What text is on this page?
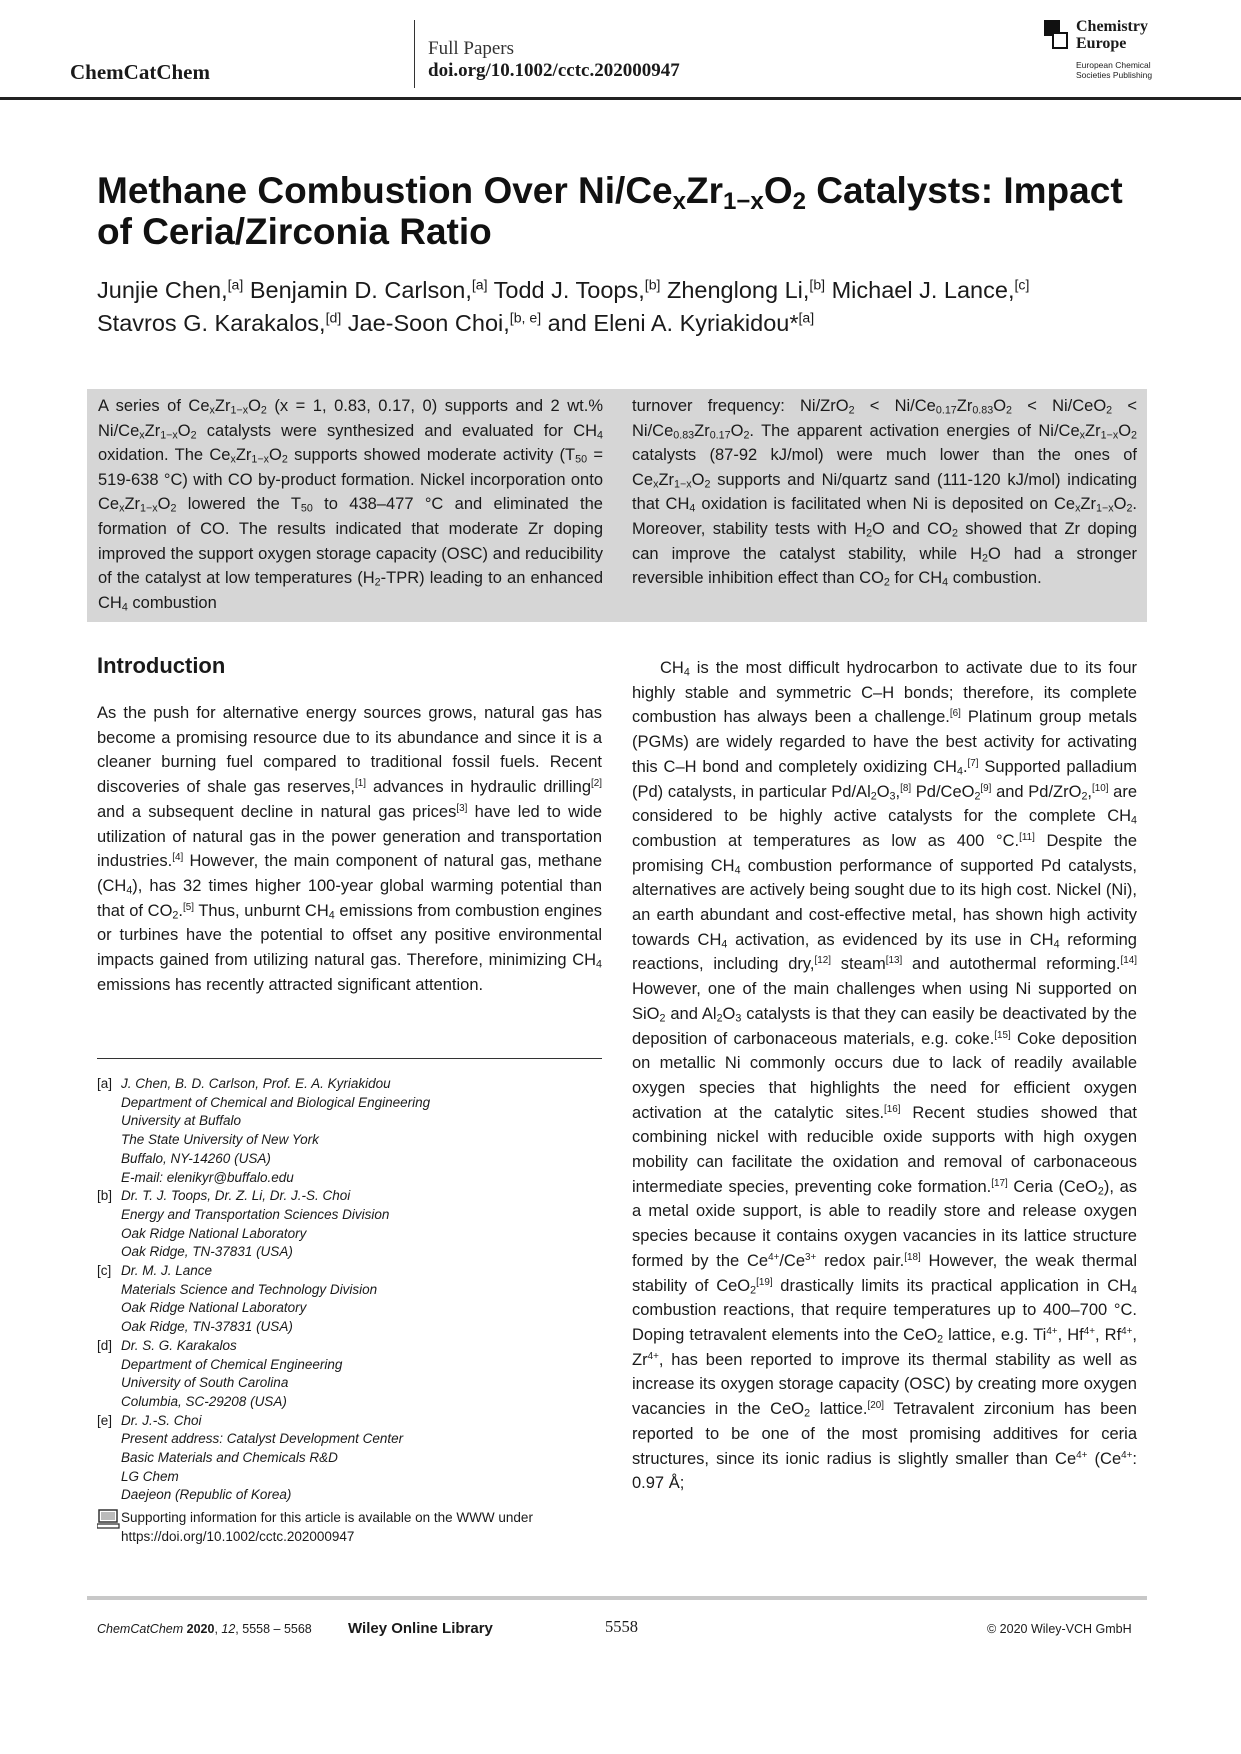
ChemCatChem
Full Papers
doi.org/10.1002/cctc.202000947
Chemistry
Europe
European Chemical
Societies Publishing
Methane Combustion Over $Ni/Ce_xZr_{1-x}O_2$ Catalysts: Impact of Ceria/Zirconia Ratio
Junjie Chen,[a] Benjamin D. Carlson,[a] Todd J. Toops,[b] Zhenglong Li,[b] Michael J. Lance,[c]
Stavros G. Karakalos,[d] Jae-Soon Choi,[b, e] and Eleni A. Kyriakidou*[a]
A series of $Ce_xZr_{1-x}O_2$ (x = 1, 0.83, 0.17, 0) supports and 2 wt.% $Ni/Ce_xZr_{1-x}O_2$ catalysts were synthesized and evaluated for $CH_4$ oxidation. The $Ce_xZr_{1-x}O_2$ supports showed moderate activity ($T_{50} = 519-638$ °C) with CO by-product formation. Nickel incorporation onto $Ce_xZr_{1-x}O_2$ lowered the $T_{50}$ to 438–477 °C and eliminated the formation of CO. The results indicated that moderate Zr doping improved the support oxygen storage capacity (OSC) and reducibility of the catalyst at low temperatures $(H_2-TPR)$ leading to an enhanced $CH_4$ combustion
turnover frequency: $Ni/ZrO_2 < Ni/Ce_{0.17}Zr_{0.83}O_2 < Ni/CeO_2 < Ni/Ce_{0.83}Zr_{0.17}O_2$. The apparent activation energies of $Ni/Ce_xZr_{1-x}O_2$ catalysts (87-92 kJ/mol) were much lower than the ones of $Ce_xZr_{1-x}O_2$ supports and Ni/quartz sand (111-120 kJ/mol) indicating that $CH_4$ oxidation is facilitated when Ni is deposited on $Ce_xZr_{1-x}O_2$. Moreover, stability tests with $H_2O$ and $CO_2$ showed that Zr doping can improve the catalyst stability, while $H_2O$ had a stronger reversible inhibition effect than $CO_2$ for $CH_4$ combustion.
Introduction
As the push for alternative energy sources grows, natural gas has become a promising resource due to its abundance and since it is a cleaner burning fuel compared to traditional fossil fuels. Recent discoveries of shale gas reserves,[1] advances in hydraulic drilling[2] and a subsequent decline in natural gas prices[3] have led to wide utilization of natural gas in the power generation and transportation industries.[4] However, the main component of natural gas, methane $(CH_4)$, has 32 times higher 100-year global warming potential than that of $CO_2.[5]$ Thus, unburnt $CH_4$ emissions from combustion engines or turbines have the potential to offset any positive environmental impacts gained from utilizing natural gas. Therefore, minimizing $CH_4$ emissions has recently attracted significant attention.
$CH_4$ is the most difficult hydrocarbon to activate due to its four highly stable and symmetric C–H bonds; therefore, its complete combustion has always been a challenge.[6] Platinum group metals (PGMs) are widely regarded to have the best activity for activating this C–H bond and completely oxidizing $CH_4.[7]$ Supported palladium (Pd) catalysts, in particular $Pd/Al_2O_3,[8]$ Pd/CeO$_2$[9] and Pd/ZrO$_2$,[10] are considered to be highly active catalysts for the complete $CH_4$ combustion at temperatures as low as 400 °C.[11] Despite the promising $CH_4$ combustion performance of supported Pd catalysts, alternatives are actively being sought due to its high cost. Nickel (Ni), an earth abundant and cost-effective metal, has shown high activity towards $CH_4$ activation, as evidenced by its use in $CH_4$ reforming reactions, including dry,[12] steam[13] and autothermal reforming.[14] However, one of the main challenges when using Ni supported on SiO$_2$ and $Al_2O_3$ catalysts is that they can easily be deactivated by the deposition of carbonaceous materials, e.g. coke.[15] Coke deposition on metallic Ni commonly occurs due to lack of readily available oxygen species that highlights the need for efficient oxygen activation at the catalytic sites.[16] Recent studies showed that combining nickel with reducible oxide supports with high oxygen mobility can facilitate the oxidation and removal of carbonaceous intermediate species, preventing coke formation.[17] Ceria (CeO$_2$), as a metal oxide support, is able to readily store and release oxygen species because it contains oxygen vacancies in its lattice structure formed by the $Ce^{4+}/Ce^{3+}$ redox pair.[18] However, the weak thermal stability of CeO$_2$[19] drastically limits its practical application in $CH_4$ combustion reactions, that require temperatures up to 400–700 °C. Doping tetravalent elements into the CeO$_2$ lattice, e.g. $Ti^{4+}$, $Hf^{4+}$, $Rf^{4+}$, $Zr^{4+}$, has been reported to improve its thermal stability as well as increase its oxygen storage capacity (OSC) by creating more oxygen vacancies in the CeO$_2$ lattice.[20] Tetravalent zirconium has been reported to be one of the most promising additives for ceria structures, since its ionic radius is slightly smaller than $Ce^{4+}$ ($Ce^{4+}$: 0.97 Å;
[a] J. Chen, B. D. Carlson, Prof. E. A. Kyriakidou
Department of Chemical and Biological Engineering
University at Buffalo
The State University of New York
Buffalo, NY-14260 (USA)
E-mail: elenikyr@buffalo.edu
[b] Dr. T. J. Toops, Dr. Z. Li, Dr. J.-S. Choi
Energy and Transportation Sciences Division
Oak Ridge National Laboratory
Oak Ridge, TN-37831 (USA)
[c] Dr. M. J. Lance
Materials Science and Technology Division
Oak Ridge National Laboratory
Oak Ridge, TN-37831 (USA)
[d] Dr. S. G. Karakalos
Department of Chemical Engineering
University of South Carolina
Columbia, SC-29208 (USA)
[e] Dr. J.-S. Choi
Present address: Catalyst Development Center
Basic Materials and Chemicals R&D
LG Chem
Daejeon (Republic of Korea)
Supporting information for this article is available on the WWW under
https://doi.org/10.1002/cctc.202000947
ChemCatChem 2020, 12, 5558 – 5568 Wiley Online Library	5558	© 2020 Wiley-VCH GmbH
